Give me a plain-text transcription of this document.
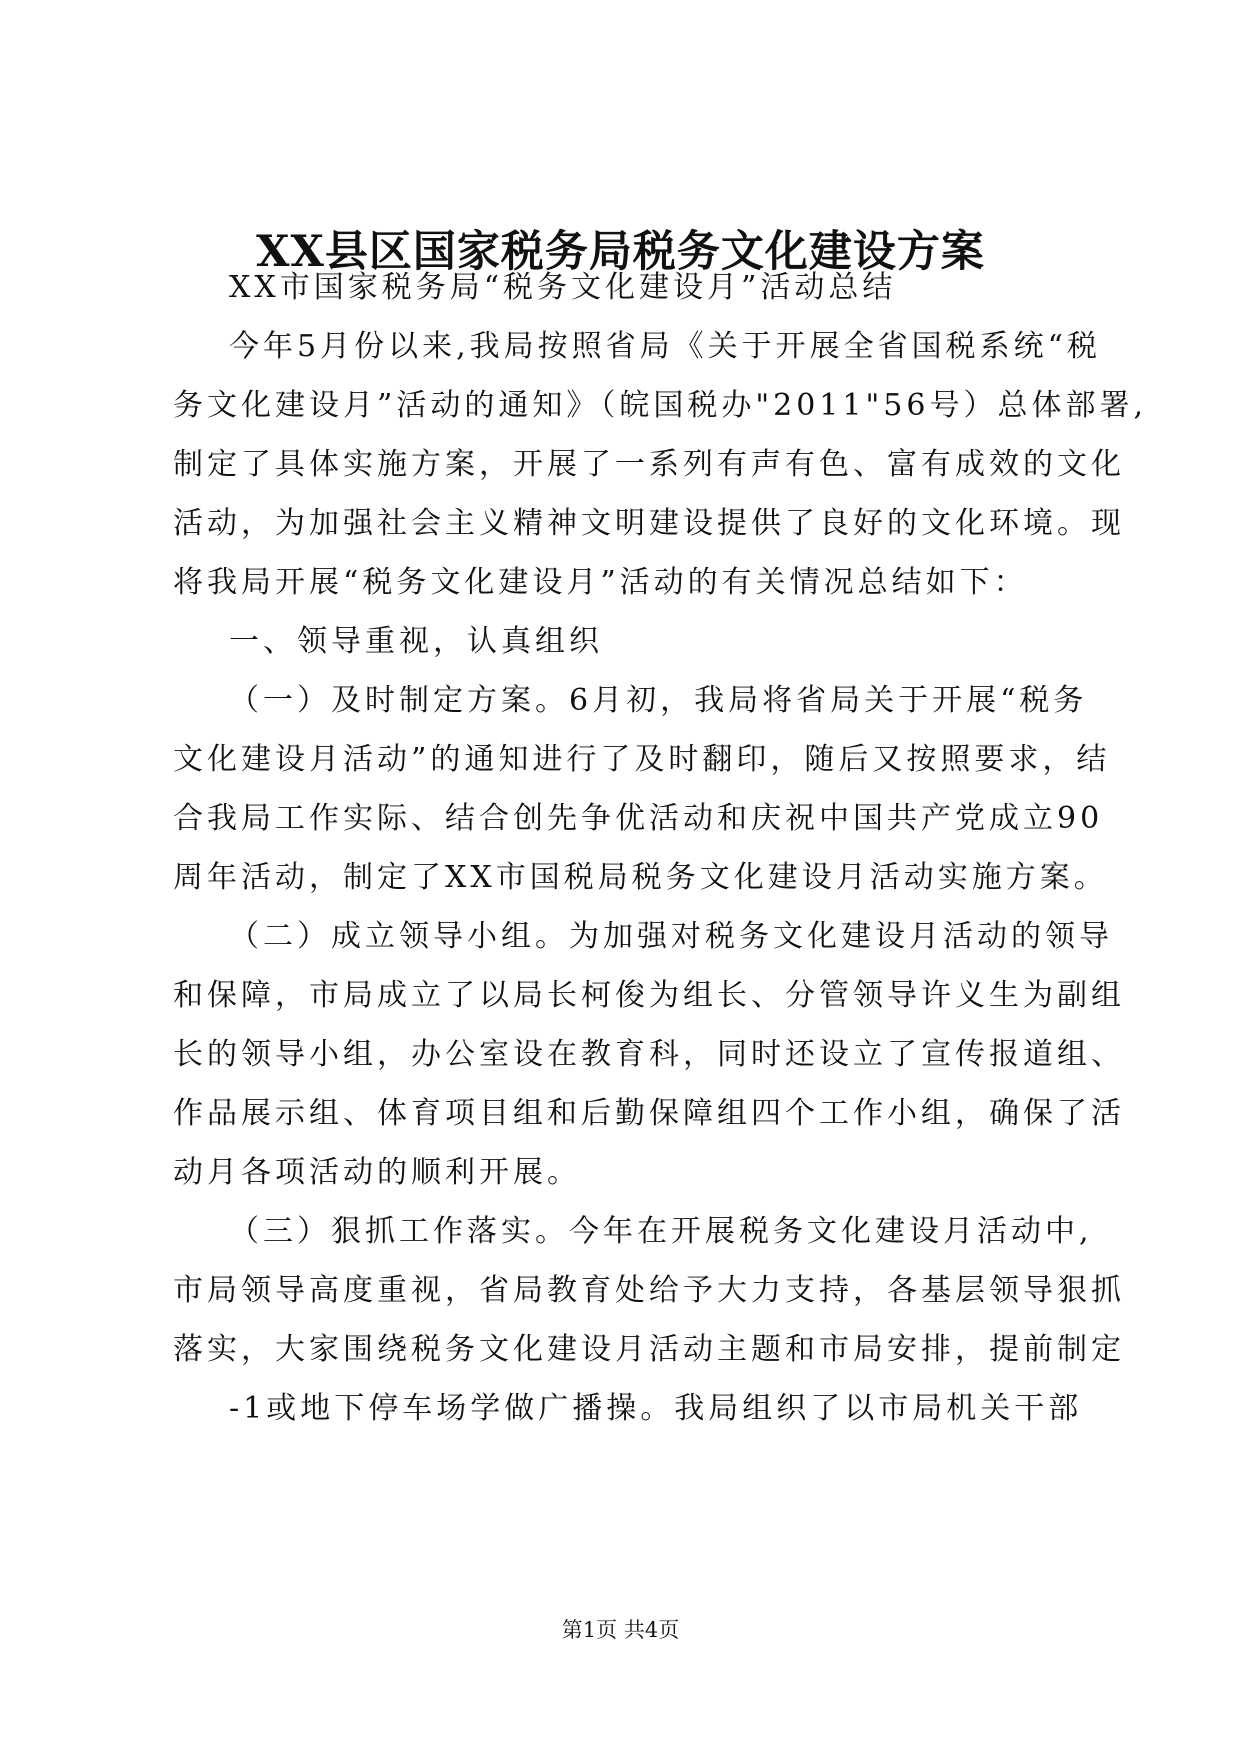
XX县区国家税务局税务文化建设方案
XX市国家税务局“税务文化建设月”活动总结
今年5月份以来,我局按照省局《关于开展全省国税系统“税
务文化建设月”活动的通知》（皖国税办"2011"56号）总体部署,
制定了具体实施方案，开展了一系列有声有色、富有成效的文化
活动，为加强社会主义精神文明建设提供了良好的文化环境。现
将我局开展“税务文化建设月”活动的有关情况总结如下：
一、领导重视，认真组织
（一）及时制定方案。6月初，我局将省局关于开展“税务
文化建设月活动”的通知进行了及时翻印，随后又按照要求，结
合我局工作实际、结合创先争优活动和庆祝中国共产党成立90
周年活动，制定了XX市国税局税务文化建设月活动实施方案。
（二）成立领导小组。为加强对税务文化建设月活动的领导
和保障，市局成立了以局长柯俊为组长、分管领导许义生为副组
长的领导小组，办公室设在教育科，同时还设立了宣传报道组、
作品展示组、体育项目组和后勤保障组四个工作小组，确保了活
动月各项活动的顺利开展。
（三）狠抓工作落实。今年在开展税务文化建设月活动中,
市局领导高度重视，省局教育处给予大力支持，各基层领导狠抓
落实，大家围绕税务文化建设月活动主题和市局安排，提前制定
-1或地下停车场学做广播操。我局组织了以市局机关干部
第1页 共4页
